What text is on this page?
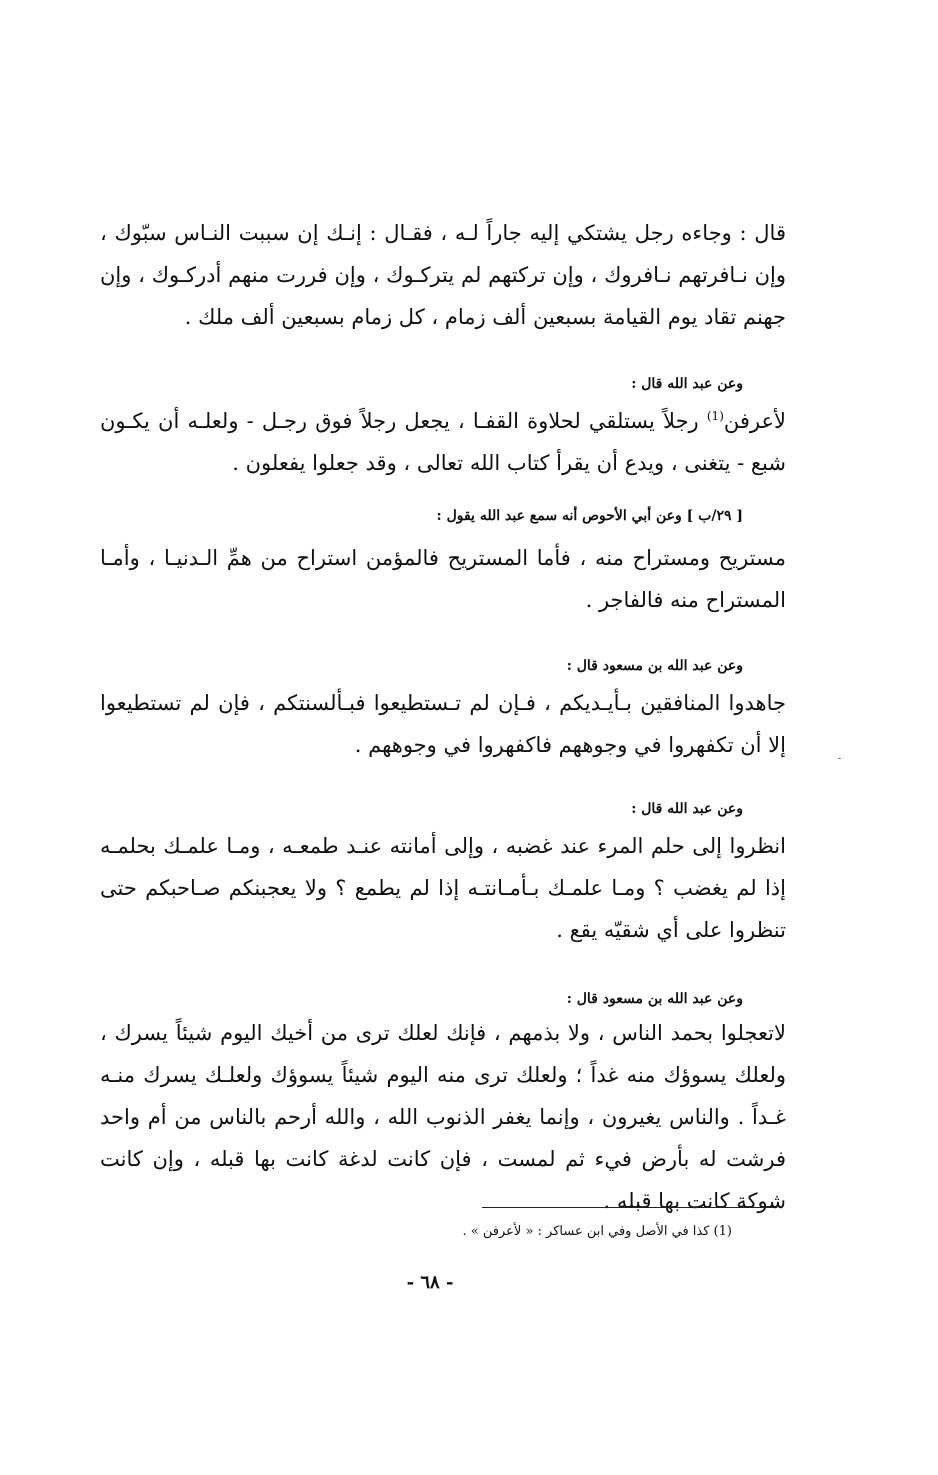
قال : وجاءه رجل يشتكي إليه جاراً لـه ، فقـال : إنـك إن سببت النـاس سبّوك ، وإن نـافرتهم نـافروك ، وإن تركتهم لم يتركـوك ، وإن فررت منهم أدركـوك ، وإن جهنم تقاد يوم القيامة بسبعين ألف زمام ، كل زمام بسبعين ألف ملك .

وعن عبد الله قال :

لأعرفن$^{(1)}$ رجلاً يستلقي لحلاوة القفـا ، يجعل رجلاً فوق رجـل - ولعلـه أن يكـون شبع - يتغنى ، ويدع أن يقرأ كتاب الله تعالى ، وقد جعلوا يفعلون .

[ ٢٩/ب ] وعن أبي الأحوص أنه سمع عبد الله يقول :

مستريح ومستراح منه ، فأما المستريح فالمؤمن استراح من همِّ الـدنيـا ، وأمـا المستراح منه فالفاجر .

وعن عبد الله بن مسعود قال :

جاهدوا المنافقين بـأيـديكم ، فـإن لم تـستطيعوا فبـألسنتكم ، فإن لم تستطيعوا إلا أن تكفهروا في وجوههم فاكفهروا في وجوههم .

وعن عبد الله قال :

انظروا إلى حلم المرء عند غضبه ، وإلى أمانته عنـد طمعـه ، ومـا علمـك بحلمـه إذا لم يغضب ؟ ومـا علمـك بـأمـانتـه إذا لم يطمع ؟ ولا يعجبنكم صـاحبكم حتى تنظروا على أي شقيّه يقع .

وعن عبد الله بن مسعود قال :

لاتعجلوا بحمد الناس ، ولا بذمهم ، فإنك لعلك ترى من أخيك اليوم شيئاً يسرك ، ولعلك يسوؤك منه غداً ؛ ولعلك ترى منه اليوم شيئاً يسوؤك ولعلـك يسرك منـه غـداً . والناس يغيرون ، وإنما يغفر الذنوب الله ، والله أرحم بالناس من أم واحد فرشت له بأرض فيء ثم لمست ، فإن كانت لدغة كانت بها قبله ، وإن كانت شوكة كانت بها قبله .

(1) كذا في الأصل وفي ابن عساكر : « لأعرفن » .
- ٦٨ -
